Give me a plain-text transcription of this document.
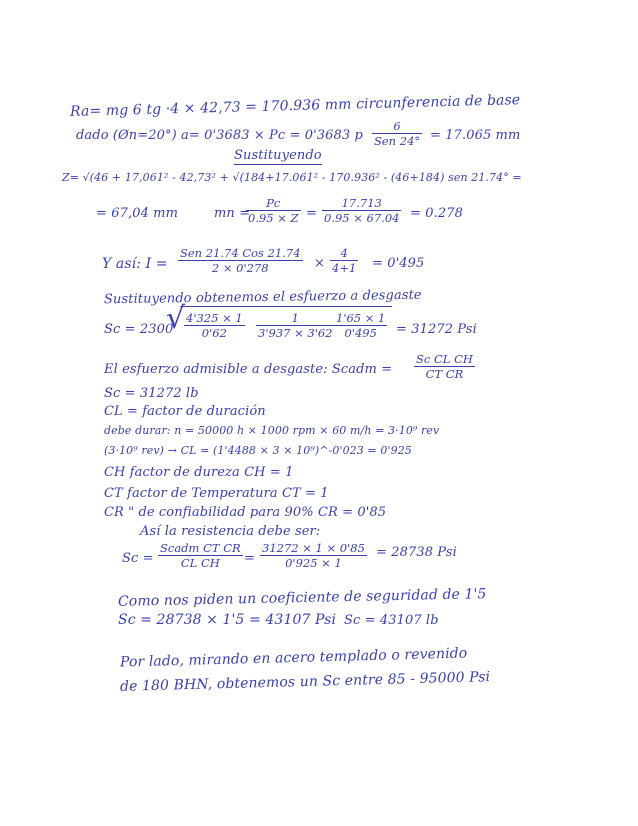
Ra= mg 6 tg ·4 × 42,73 = 170.936 mm circunferencia de base
dado (Øn=20°) a= 0'3683 × Pc = 0'3683 p
6
Sen 24° = 17.065 mm
Sustituyendo
Z= √(46 + 17,061² - 42,73² + √(184+17.061² - 170.936² - (46+184) sen 21.74° =
= 67,04 mm	mn =
$\frac{Pc}{0.95 \times Z} = \frac{17.713}{0.95 \times 67.04} = 0.278$
Y así: I =
Sen 21.74 Cos 21.74
2 × 0'278	× $\frac{4}{4+1} = 0'495$
Sustituyendo obtenemos el esfuerzo a desgaste
Sc = 2300
√
$\frac{4'325 \times 1}{0'62} \frac{1}{3'937 \times 3'62} \frac{1'65 \times 1}{0'495} = 31272$ Psi
El esfuerzo admisible a desgaste: Scadm = $\frac{\text{Sc CL CH}}{\text{CT CR}}$
Sc = 31272 lb
CL = factor de duración
debe durar: n = 50000 h × 1000 rpm × 60 m/h = 3·10⁹ rev
(3·10⁹ rev) → CL = (1'4488 × 3 × 10⁹)^-0'023 = 0'925
CH factor de dureza CH = 1
CT factor de Temperatura CT = 1
CR " de confiabilidad para 90% CR = 0'85
Así la resistencia debe ser:
Sc =
Scadm CT CR
CL CH	= $\frac{31272 \times 1 \times 0'85}{0'925 \times 1} = 28738$ Psi
Como nos piden un coeficiente de seguridad de 1'5
Sc = 28738 × 1'5 = 43107 Psi Sc = 43107 lb
Por lado, mirando en acero templado o revenido
de 180 BHN, obtenemos un Sc entre 85 - 95000 Psi
